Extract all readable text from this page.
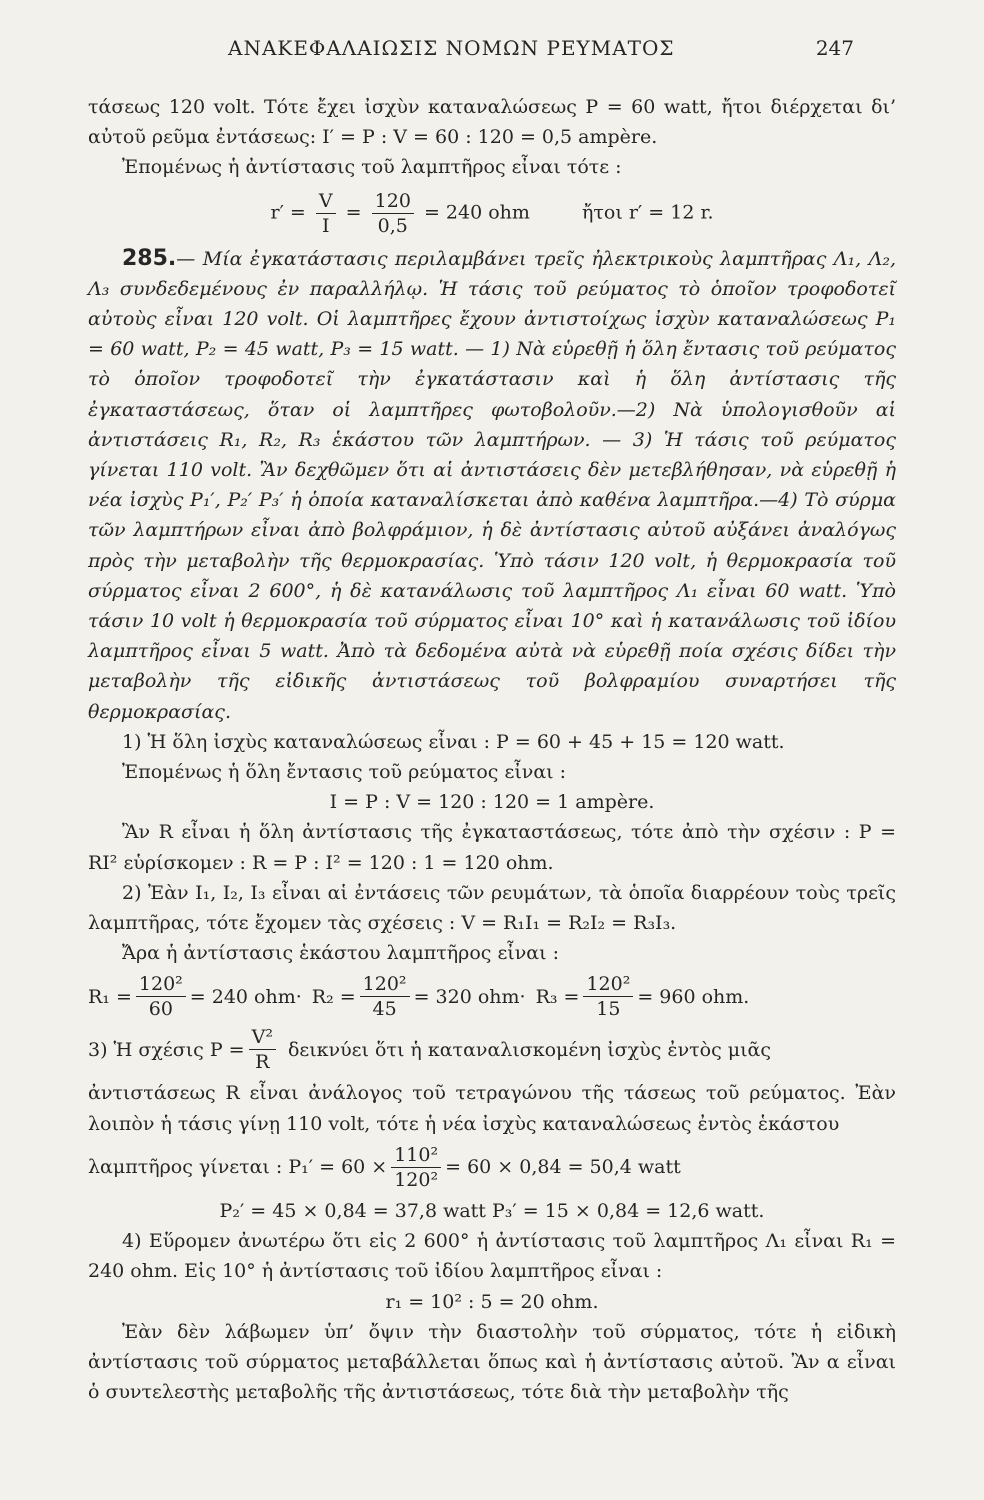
ΑΝΑΚΕΦΑΛΑΙΩΣΙΣ ΝΟΜΩΝ ΡΕΥΜΑΤΟΣ	247

τάσεως 120 volt. Τότε ἔχει ἰσχὺν καταναλώσεως P = 60 watt, ἤτοι διέρχεται δι’ αὐτοῦ ρεῦμα ἐντάσεως: I′ = P : V = 60 : 120 = 0,5 ampère.

Ἐπομένως ἡ ἀντίστασις τοῦ λαμπτῆρος εἶναι τότε :

$r' = \frac{V}{I} = \frac{120}{0,5} = 240$ ohm	ἤτοι r′ = 12 r.

285.— Μία ἐγκατάστασις περιλαμβάνει τρεῖς ἠλεκτρικοὺς λαμπτῆρας Λ₁, Λ₂, Λ₃ συνδεδεμένους ἐν παραλλήλῳ. Ἡ τάσις τοῦ ρεύματος τὸ ὁποῖον τροφοδοτεῖ αὐτοὺς εἶναι 120 volt. Οἱ λαμπτῆρες ἔχουν ἀντιστοίχως ἰσχὺν καταναλώσεως P₁ = 60 watt, P₂ = 45 watt, P₃ = 15 watt. — 1) Νὰ εὑρεθῇ ἡ ὅλη ἔντασις τοῦ ρεύματος τὸ ὁποῖον τροφοδοτεῖ τὴν ἐγκατάστασιν καὶ ἡ ὅλη ἀντίστασις τῆς ἐγκαταστάσεως, ὅταν οἱ λαμπτῆρες φωτοβολοῦν.—2) Νὰ ὑπολογισθοῦν αἱ ἀντιστάσεις R₁, R₂, R₃ ἑκάστου τῶν λαμπτήρων. — 3) Ἡ τάσις τοῦ ρεύματος γίνεται 110 volt. Ἂν δεχθῶμεν ὅτι αἱ ἀντιστάσεις δὲν μετεβλήθησαν, νὰ εὑρεθῇ ἡ νέα ἰσχὺς P₁′, P₂′ P₃′ ἡ ὁποία καταναλίσκεται ἀπὸ καθένα λαμπτῆρα.—4) Τὸ σύρμα τῶν λαμπτήρων εἶναι ἀπὸ βολφράμιον, ἡ δὲ ἀντίστασις αὐτοῦ αὐξάνει ἀναλόγως πρὸς τὴν μεταβολὴν τῆς θερμοκρασίας. Ὑπὸ τάσιν 120 volt, ἡ θερμοκρασία τοῦ σύρματος εἶναι 2 600°, ἡ δὲ κατανάλωσις τοῦ λαμπτῆρος Λ₁ εἶναι 60 watt. Ὑπὸ τάσιν 10 volt ἡ θερμοκρασία τοῦ σύρματος εἶναι 10° καὶ ἡ κατανάλωσις τοῦ ἰδίου λαμπτῆρος εἶναι 5 watt. Ἀπὸ τὰ δεδομένα αὐτὰ νὰ εὑρεθῇ ποία σχέσις δίδει τὴν μεταβολὴν τῆς εἰδικῆς ἀντιστάσεως τοῦ βολφραμίου συναρτήσει τῆς θερμοκρασίας.

1) Ἡ ὅλη ἰσχὺς καταναλώσεως εἶναι : P = 60 + 45 + 15 = 120 watt.

Ἐπομένως ἡ ὅλη ἔντασις τοῦ ρεύματος εἶναι :

I = P : V = 120 : 120 = 1 ampère.

Ἂν R εἶναι ἡ ὅλη ἀντίστασις τῆς ἐγκαταστάσεως, τότε ἀπὸ τὴν σχέσιν : P = RI² εὑρίσκομεν : R = P : I² = 120 : 1 = 120 ohm.

2) Ἐὰν I₁, I₂, I₃ εἶναι αἱ ἐντάσεις τῶν ρευμάτων, τὰ ὁποῖα διαρρέουν τοὺς τρεῖς λαμπτῆρας, τότε ἔχομεν τὰς σχέσεις : V = R₁I₁ = R₂I₂ = R₃I₃.

Ἄρα ἡ ἀντίστασις ἑκάστου λαμπτῆρος εἶναι :

$R_1 = \frac{\text{120²}}{60} = 240$ $ohm\cdot R_2 = \frac{\text{120²}}{45} = 320$ $ohm\cdot R_3 = \frac{\text{120²}}{15} = 960$ ohm.
3) Ἡ σχέσις $P = \frac{\text{V²}}{R}$ δεικνύει ὅτι ἡ καταναλισκομένη ἰσχὺς ἐντὸς μιᾶς

ἀντιστάσεως R εἶναι ἀνάλογος τοῦ τετραγώνου τῆς τάσεως τοῦ ρεύματος. Ἐὰν λοιπὸν ἡ τάσις γίνῃ 110 volt, τότε ἡ νέα ἰσχὺς καταναλώσεως ἐντὸς ἑκάστου

λαμπτῆρος γίνεται : $P_1' = 60 \times \frac{\text{110²}}{\text{120²}} = 60 \times 0,84 = 50,4$ watt

P₂′ = 45 × 0,84 = 37,8 watt P₃′ = 15 × 0,84 = 12,6 watt.

4) Εὕρομεν ἀνωτέρω ὅτι εἰς 2 600° ἡ ἀντίστασις τοῦ λαμπτῆρος Λ₁ εἶναι R₁ = 240 ohm. Εἰς 10° ἡ ἀντίστασις τοῦ ἰδίου λαμπτῆρος εἶναι :

r₁ = 10² : 5 = 20 ohm.

Ἐὰν δὲν λάβωμεν ὑπ’ ὄψιν τὴν διαστολὴν τοῦ σύρματος, τότε ἡ εἰδικὴ ἀντίστασις τοῦ σύρματος μεταβάλλεται ὅπως καὶ ἡ ἀντίστασις αὐτοῦ. Ἂν α εἶναι ὁ συντελεστὴς μεταβολῆς τῆς ἀντιστάσεως, τότε διὰ τὴν μεταβολὴν τῆς
